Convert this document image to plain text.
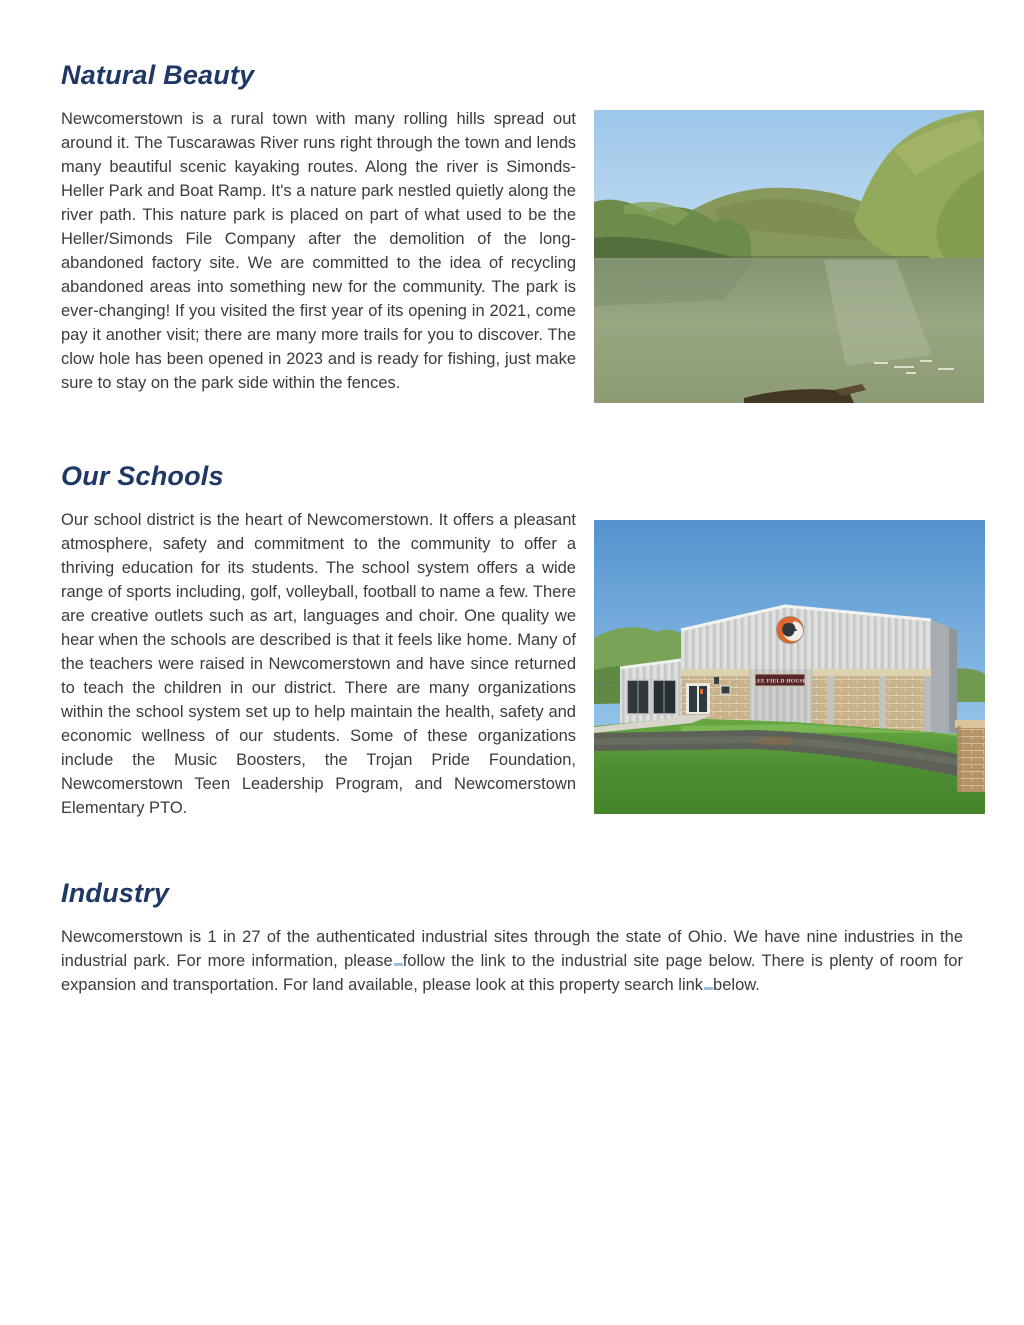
Natural Beauty
Newcomerstown is a rural town with many rolling hills spread out around it. The Tuscarawas River runs right through the town and lends many beautiful scenic kayaking routes. Along the river is Simonds-Heller Park and Boat Ramp. It's a nature park nestled quietly along the river path. This nature park is placed on part of what used to be the Heller/Simonds File Company after the demolition of the long-abandoned factory site. We are committed to the idea of recycling abandoned areas into something new for the community. The park is ever-changing! If you visited the first year of its opening in 2021, come pay it another visit; there are many more trails for you to discover. The clow hole has been opened in 2023 and is ready for fishing, just make sure to stay on the park side within the fences.
Our Schools
Our school district is the heart of Newcomerstown. It offers a pleasant atmosphere, safety and commitment to the community to offer a thriving education for its students. The school system offers a wide range of sports including, golf, volleyball, football to name a few. There are creative outlets such as art, languages and choir. One quality we hear when the schools are described is that it feels like home. Many of the teachers were raised in Newcomerstown and have since returned to teach the children in our district. There are many organizations within the school system set up to help maintain the health, safety and economic wellness of our students. Some of these organizations include the Music Boosters, the Trojan Pride Foundation, Newcomerstown Teen Leadership Program, and Newcomerstown Elementary PTO.
LEE FIELD HOUSE
Industry
Newcomerstown is 1 in 27 of the authenticated industrial sites through the state of Ohio. We have nine industries in the industrial park. For more information, please follow the link to the industrial site page below. There is plenty of room for expansion and transportation. For land available, please look at this property search link below.
